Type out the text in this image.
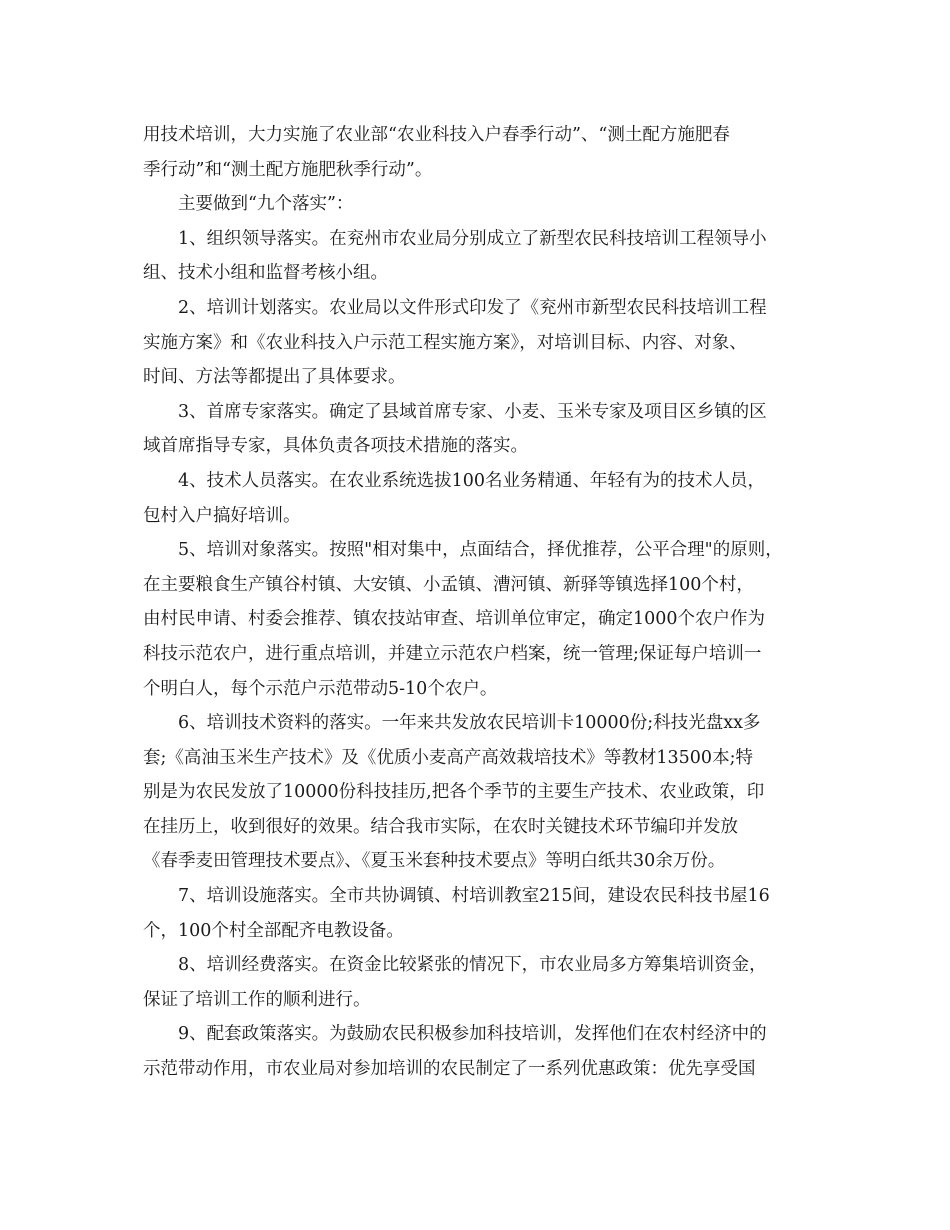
用技术培训，大力实施了农业部“农业科技入户春季行动”、“测土配方施肥春
季行动”和“测土配方施肥秋季行动”。
主要做到“九个落实”：
1、组织领导落实。在兖州市农业局分别成立了新型农民科技培训工程领导小
组、技术小组和监督考核小组。
2、培训计划落实。农业局以文件形式印发了《兖州市新型农民科技培训工程
实施方案》和《农业科技入户示范工程实施方案》，对培训目标、内容、对象、
时间、方法等都提出了具体要求。
3、首席专家落实。确定了县域首席专家、小麦、玉米专家及项目区乡镇的区
域首席指导专家，具体负责各项技术措施的落实。
4、技术人员落实。在农业系统选拔100名业务精通、年轻有为的技术人员，
包村入户搞好培训。
5、培训对象落实。按照"相对集中，点面结合，择优推荐，公平合理"的原则，
在主要粮食生产镇谷村镇、大安镇、小孟镇、漕河镇、新驿等镇选择100个村，
由村民申请、村委会推荐、镇农技站审查、培训单位审定，确定1000个农户作为
科技示范农户，进行重点培训，并建立示范农户档案，统一管理;保证每户培训一
个明白人，每个示范户示范带动5-10个农户。
6、培训技术资料的落实。一年来共发放农民培训卡10000份;科技光盘xx多
套;《高油玉米生产技术》及《优质小麦高产高效栽培技术》等教材13500本;特
别是为农民发放了10000份科技挂历,把各个季节的主要生产技术、农业政策，印
在挂历上，收到很好的效果。结合我市实际，在农时关键技术环节编印并发放
《春季麦田管理技术要点》、《夏玉米套种技术要点》等明白纸共30余万份。
7、培训设施落实。全市共协调镇、村培训教室215间，建设农民科技书屋16
个，100个村全部配齐电教设备。
8、培训经费落实。在资金比较紧张的情况下，市农业局多方筹集培训资金，
保证了培训工作的顺利进行。
9、配套政策落实。为鼓励农民积极参加科技培训，发挥他们在农村经济中的
示范带动作用，市农业局对参加培训的农民制定了一系列优惠政策：优先享受国
